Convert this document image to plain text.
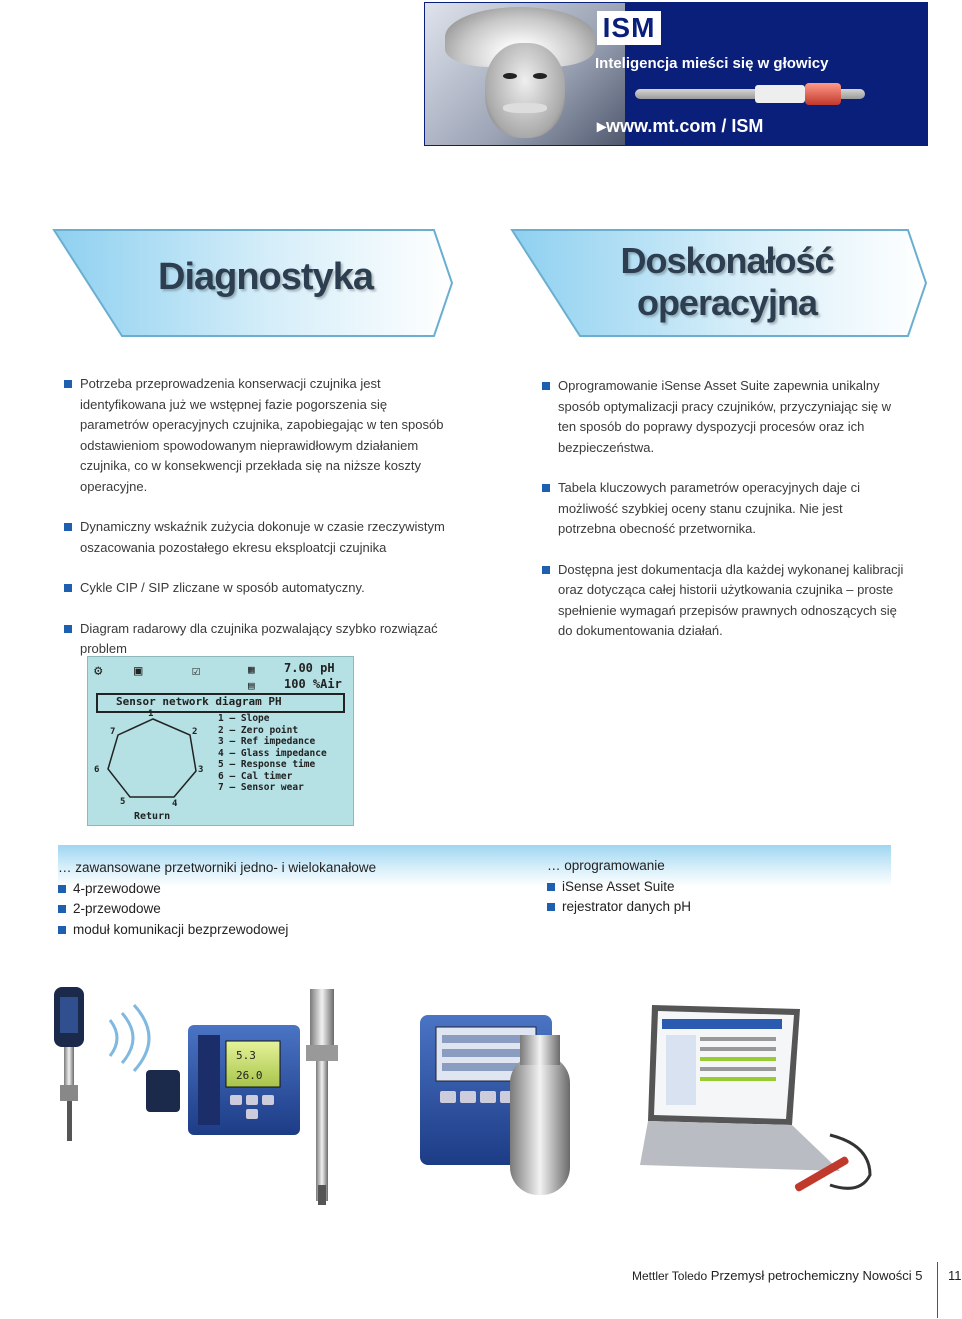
ISM
Inteligencja mieści się w głowicy
▸www.mt.com / ISM
Diagnostyka	Doskonałość
operacyjna
Potrzeba przeprowadzenia konserwacji czujnika jest identyfikowana już we wstępnej fazie pogorszenia się parametrów operacyjnych czujnika, zapobiegając w ten sposób odstawieniom spowodowanym nieprawidłowym działaniem czujnika, co w konsekwencji przekłada się na niższe koszty operacyjne.
Dynamiczny wskaźnik zużycia dokonuje w czasie rzeczywistym oszacowania pozostałego ekresu eksploatcji czujnika
Cykle CIP / SIP zliczane w sposób automatyczny.
Diagram radarowy dla czujnika pozwalający szybko rozwiązać problem
Oprogramowanie iSense Asset Suite zapewnia unikalny sposób optymalizacji pracy czujników, przyczyniając się w ten sposób do poprawy dyspozycji procesów oraz ich bezpieczeństwa.
Tabela kluczowych parametrów operacyjnych daje ci możliwość szybkiej oceny stanu czujnika. Nie jest potrzebna obecność przetwornika.
Dostępna jest dokumentacja dla każdej wykonanej kalibracji oraz dotycząca całej historii użytkowania czujnika – proste spełnienie wymagań przepisów prawnych odnoszących się do dokumentowania działań.
⚙ ▣	☑	▦
▤
7.00 pH
100 %Air
Sensor network diagram PH
1
2
3
4
5
6
7
1 — Slope
2 — Zero point
3 — Ref impedance
4 — Glass impedance
5 — Response time
6 — Cal timer
7 — Sensor wear
Return
… zawansowane przetworniki jedno- i wielokanałowe
4-przewodowe
2-przewodowe
moduł komunikacji bezprzewodowej
… oprogramowanie
iSense Asset Suite
rejestrator danych pH
5.3
26.0
Mettler Toledo Przemysł petrochemiczny Nowości 5 11
